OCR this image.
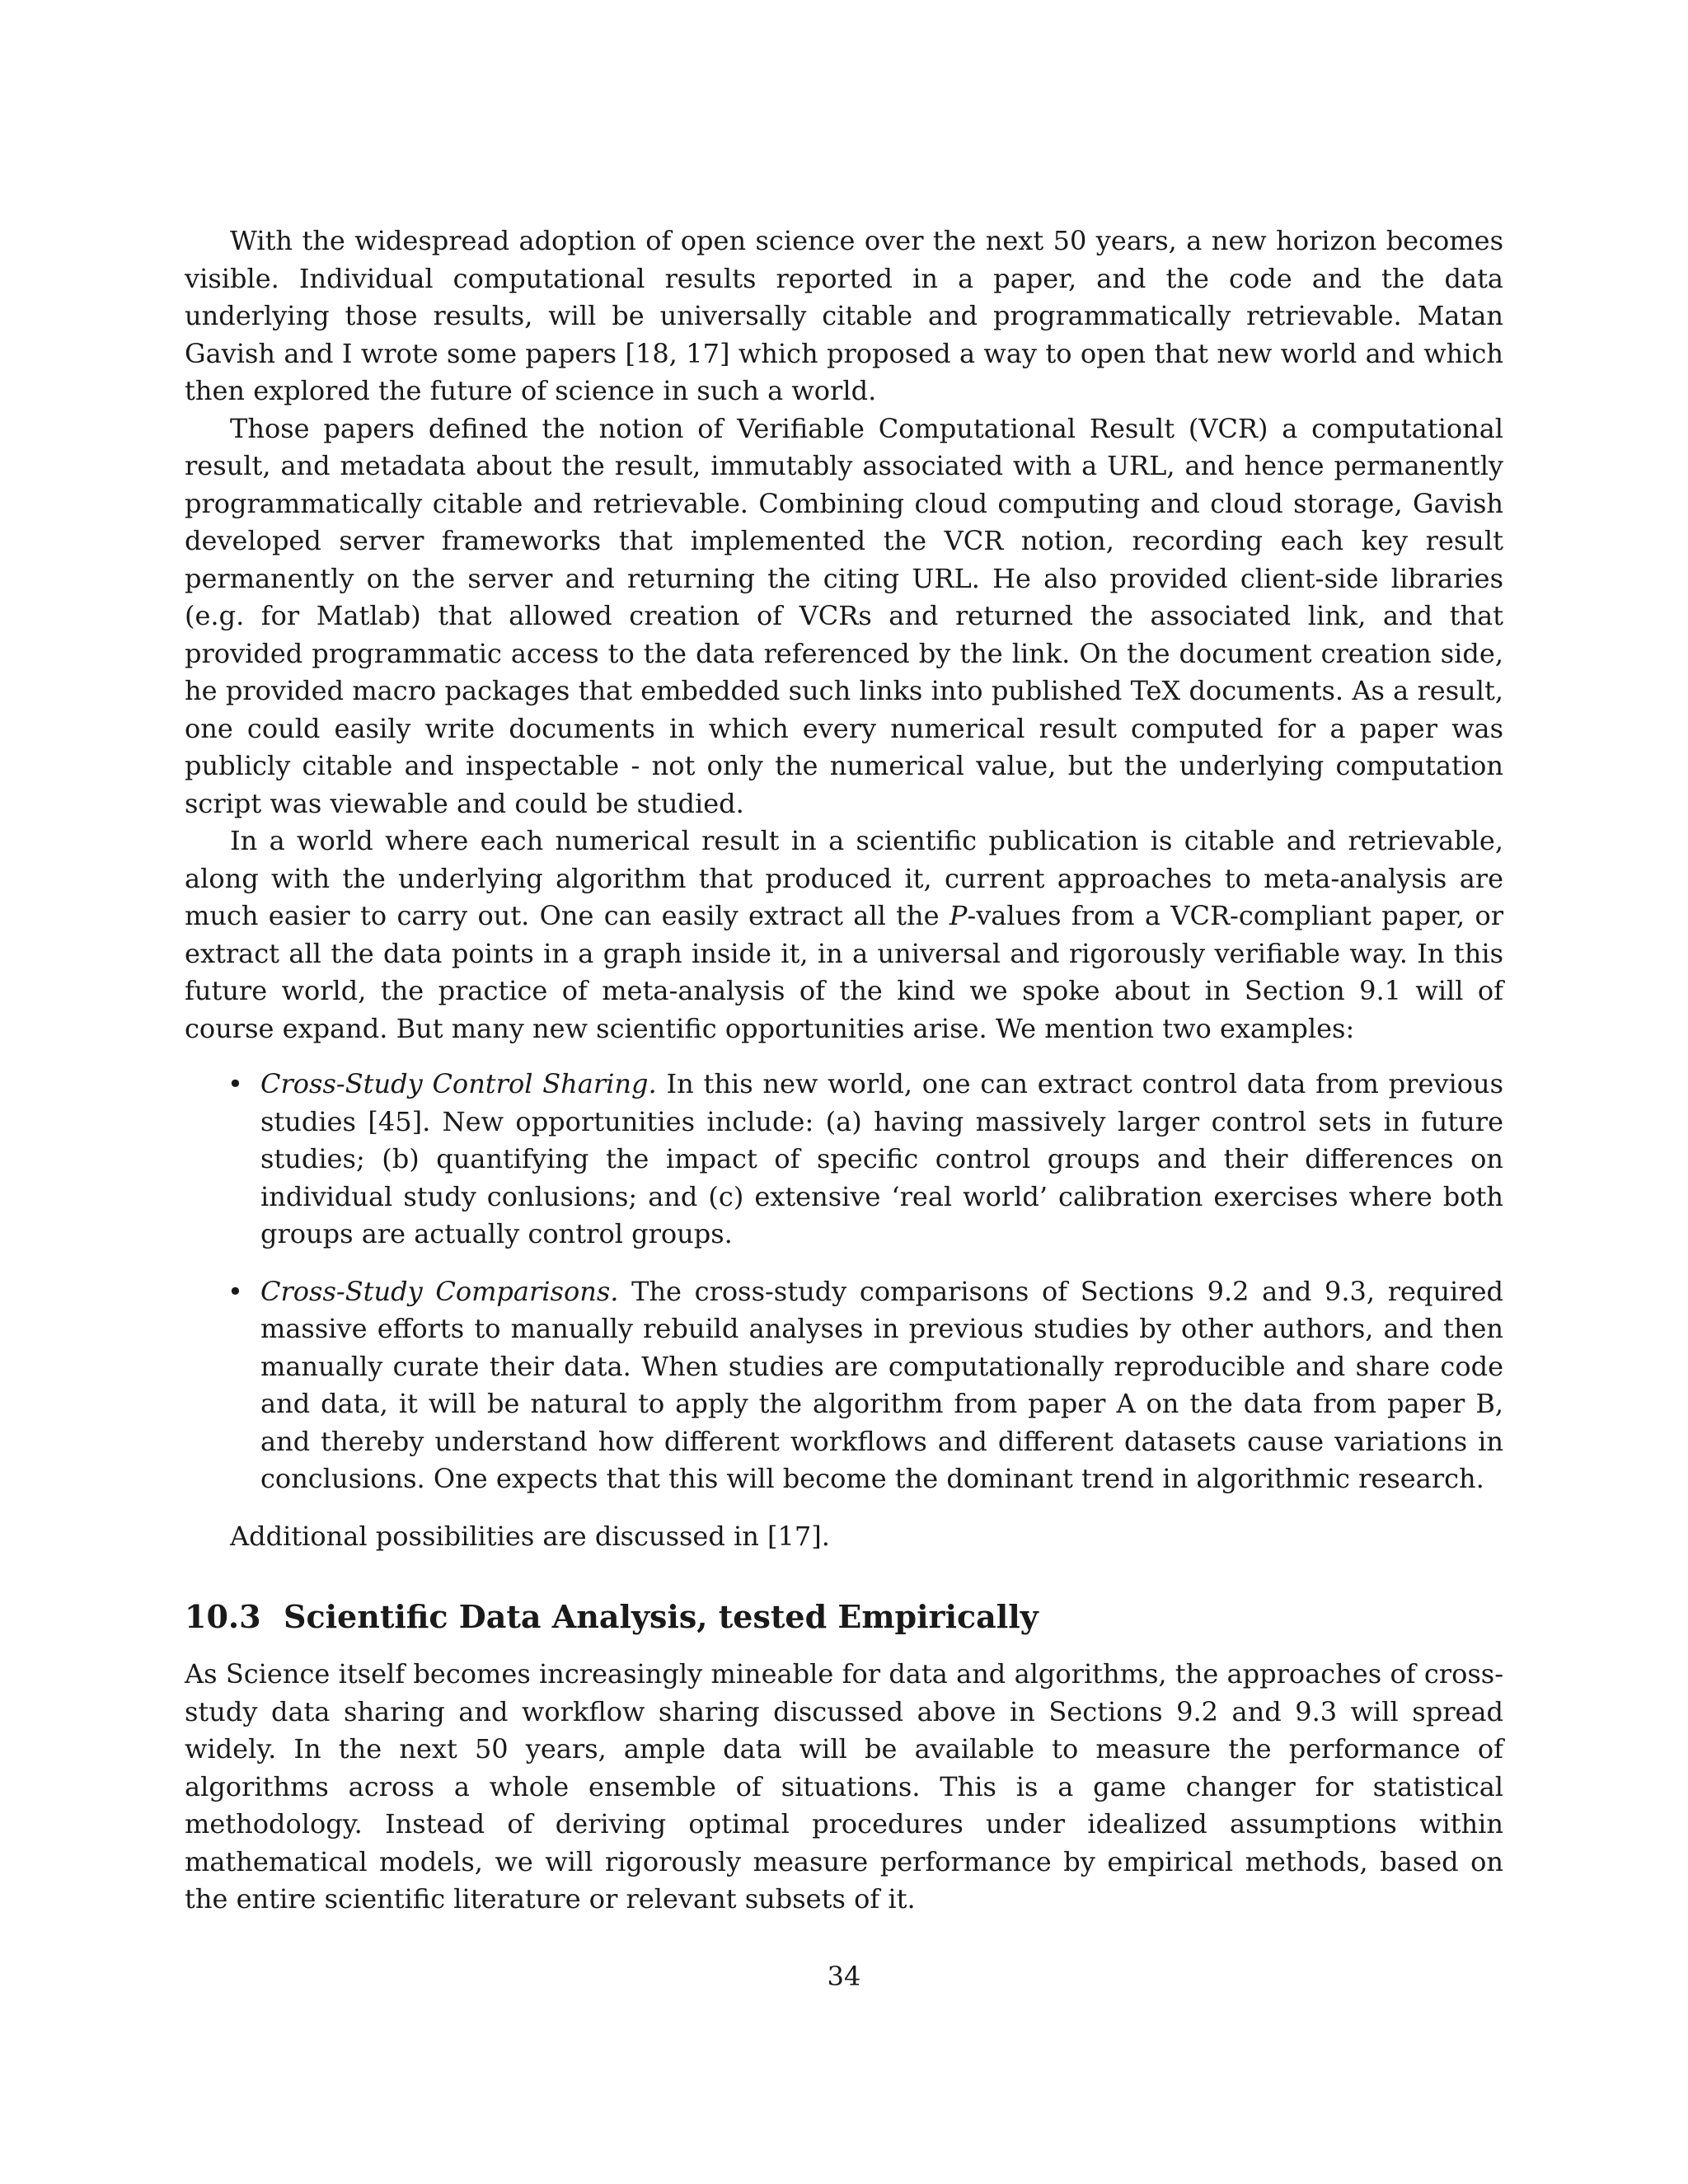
With the widespread adoption of open science over the next 50 years, a new horizon becomes visible. Individual computational results reported in a paper, and the code and the data underlying those results, will be universally citable and programmatically retrievable. Matan Gavish and I wrote some papers [18, 17] which proposed a way to open that new world and which then explored the future of science in such a world.

Those papers defined the notion of Verifiable Computational Result (VCR) a computational result, and metadata about the result, immutably associated with a URL, and hence permanently programmatically citable and retrievable. Combining cloud computing and cloud storage, Gavish developed server frameworks that implemented the VCR notion, recording each key result permanently on the server and returning the citing URL. He also provided client-side libraries (e.g. for Matlab) that allowed creation of VCRs and returned the associated link, and that provided programmatic access to the data referenced by the link. On the document creation side, he provided macro packages that embedded such links into published TeX documents. As a result, one could easily write documents in which every numerical result computed for a paper was publicly citable and inspectable - not only the numerical value, but the underlying computation script was viewable and could be studied.

In a world where each numerical result in a scientific publication is citable and retrievable, along with the underlying algorithm that produced it, current approaches to meta-analysis are much easier to carry out. One can easily extract all the P-values from a VCR-compliant paper, or extract all the data points in a graph inside it, in a universal and rigorously verifiable way. In this future world, the practice of meta-analysis of the kind we spoke about in Section 9.1 will of course expand. But many new scientific opportunities arise. We mention two examples:

• Cross-Study Control Sharing. In this new world, one can extract control data from previous studies [45]. New opportunities include: (a) having massively larger control sets in future studies; (b) quantifying the impact of specific control groups and their differences on individual study conlusions; and (c) extensive ‘real world’ calibration exercises where both groups are actually control groups.

• Cross-Study Comparisons. The cross-study comparisons of Sections 9.2 and 9.3, required massive efforts to manually rebuild analyses in previous studies by other authors, and then manually curate their data. When studies are computationally reproducible and share code and data, it will be natural to apply the algorithm from paper A on the data from paper B, and thereby understand how different workflows and different datasets cause variations in conclusions. One expects that this will become the dominant trend in algorithmic research.

Additional possibilities are discussed in [17].

10.3 Scientific Data Analysis, tested Empirically

As Science itself becomes increasingly mineable for data and algorithms, the approaches of cross-study data sharing and workflow sharing discussed above in Sections 9.2 and 9.3 will spread widely. In the next 50 years, ample data will be available to measure the performance of algorithms across a whole ensemble of situations. This is a game changer for statistical methodology. Instead of deriving optimal procedures under idealized assumptions within mathematical models, we will rigorously measure performance by empirical methods, based on the entire scientific literature or relevant subsets of it.

34
